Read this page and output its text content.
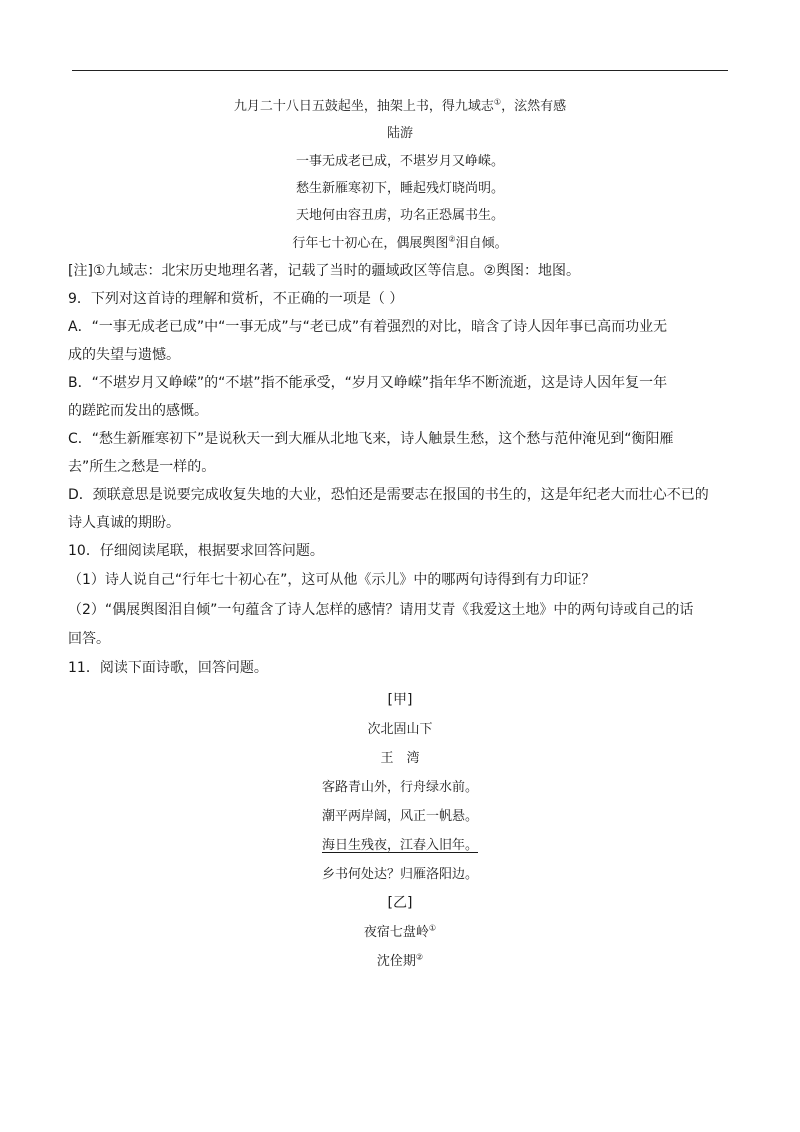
九月二十八日五鼓起坐，抽架上书，得九域志①，泫然有感
陆游
一事无成老已成，不堪岁月又峥嵘。
愁生新雁寒初下，睡起残灯晓尚明。
天地何由容丑虏，功名正恐属书生。
行年七十初心在，偶展舆图②泪自倾。
[注]①九域志：北宋历史地理名著，记载了当时的疆域政区等信息。②舆图：地图。
9．下列对这首诗的理解和赏析，不正确的一项是（ ）
A．“一事无成老已成”中“一事无成”与“老已成”有着强烈的对比，暗含了诗人因年事已高而功业无
成的失望与遗憾。
B．“不堪岁月又峥嵘”的“不堪”指不能承受，“岁月又峥嵘”指年华不断流逝，这是诗人因年复一年
的蹉跎而发出的感慨。
C．“愁生新雁寒初下”是说秋天一到大雁从北地飞来，诗人触景生愁，这个愁与范仲淹见到“衡阳雁
去”所生之愁是一样的。
D．颈联意思是说要完成收复失地的大业，恐怕还是需要志在报国的书生的，这是年纪老大而壮心不已的
诗人真诚的期盼。
10．仔细阅读尾联，根据要求回答问题。
（1）诗人说自己“行年七十初心在”，这可从他《示儿》中的哪两句诗得到有力印证？
（2）“偶展舆图泪自倾”一句蕴含了诗人怎样的感情？请用艾青《我爱这土地》中的两句诗或自己的话
回答。
11．阅读下面诗歌，回答问题。
[甲]
次北固山下
王　湾
客路青山外，行舟绿水前。
潮平两岸阔，风正一帆悬。
海日生残夜，江春入旧年。
乡书何处达？归雁洛阳边。
[乙]
夜宿七盘岭①
沈佺期②
